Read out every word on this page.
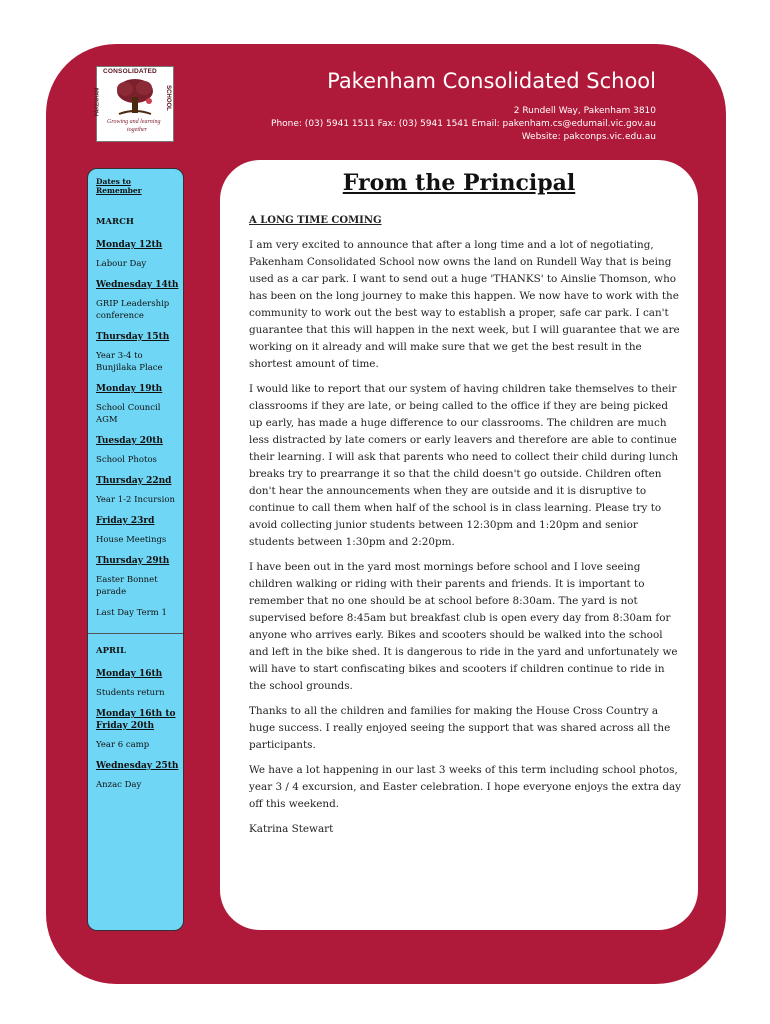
CONSOLIDATED
PAKENHAM	SCHOOL
Growing and learning
together
Pakenham Consolidated School
2 Rundell Way, Pakenham 3810
Phone: (03) 5941 1511 Fax: (03) 5941 1541 Email: pakenham.cs@edumail.vic.gov.au
Website: pakconps.vic.edu.au
Dates to Remember
MARCH
Monday 12th
Labour Day
Wednesday 14th
GRIP Leadership conference
Thursday 15th
Year 3-4 to Bunjilaka Place
Monday 19th
School Council AGM
Tuesday 20th
School Photos
Thursday 22nd
Year 1-2 Incursion
Friday 23rd
House Meetings
Thursday 29th
Easter Bonnet parade
Last Day Term 1
APRIL
Monday 16th
Students return
Monday 16th to Friday 20th
Year 6 camp
Wednesday 25th
Anzac Day
From the Principal
A LONG TIME COMING

I am very excited to announce that after a long time and a lot of negotiating, Pakenham Consolidated School now owns the land on Rundell Way that is being used as a car park. I want to send out a huge 'THANKS' to Ainslie Thomson, who has been on the long journey to make this happen. We now have to work with the community to work out the best way to establish a proper, safe car park. I can't guarantee that this will happen in the next week, but I will guarantee that we are working on it already and will make sure that we get the best result in the shortest amount of time.

I would like to report that our system of having children take themselves to their classrooms if they are late, or being called to the office if they are being picked up early, has made a huge difference to our classrooms. The children are much less distracted by late comers or early leavers and therefore are able to continue their learning. I will ask that parents who need to collect their child during lunch breaks try to prearrange it so that the child doesn't go outside. Children often don't hear the announcements when they are outside and it is disruptive to continue to call them when half of the school is in class learning. Please try to avoid collecting junior students between 12:30pm and 1:20pm and senior students between 1:30pm and 2:20pm.

I have been out in the yard most mornings before school and I love seeing children walking or riding with their parents and friends. It is important to remember that no one should be at school before 8:30am. The yard is not supervised before 8:45am but breakfast club is open every day from 8:30am for anyone who arrives early. Bikes and scooters should be walked into the school and left in the bike shed. It is dangerous to ride in the yard and unfortunately we will have to start confiscating bikes and scooters if children continue to ride in the school grounds.

Thanks to all the children and families for making the House Cross Country a huge success. I really enjoyed seeing the support that was shared across all the participants.

We have a lot happening in our last 3 weeks of this term including school photos, year 3 / 4 excursion, and Easter celebration. I hope everyone enjoys the extra day off this weekend.

Katrina Stewart
